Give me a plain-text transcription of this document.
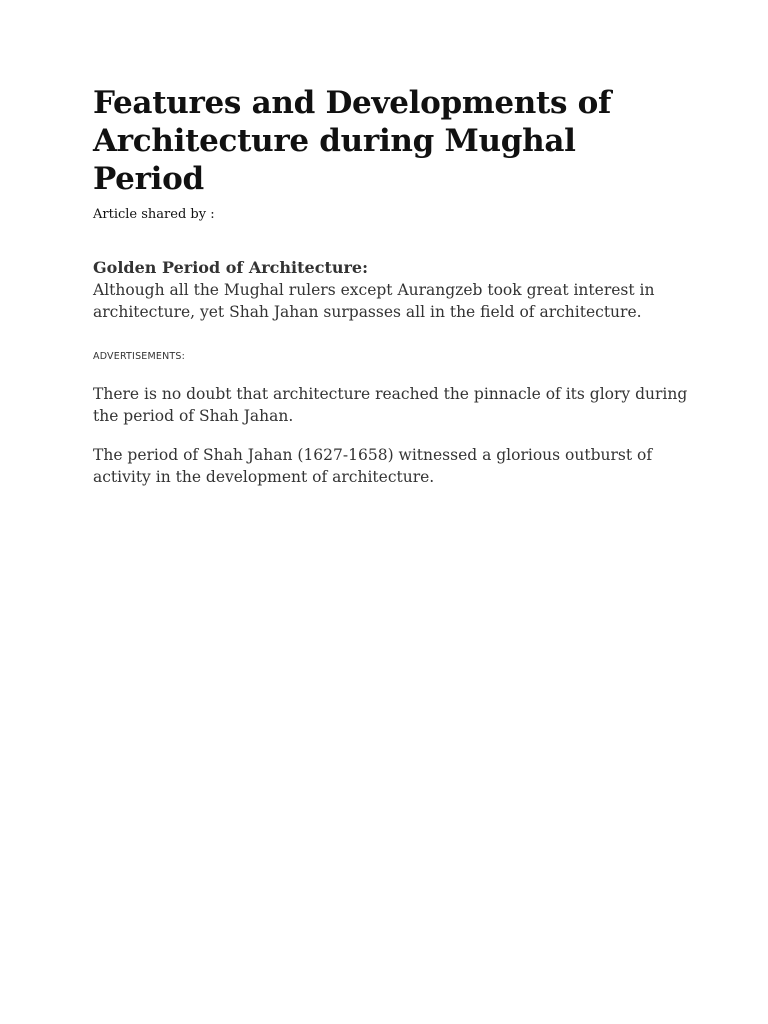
Features and Developments of Architecture during Mughal Period
Article shared by :
Golden Period of Architecture:

Although all the Mughal rulers except Aurangzeb took great interest in architecture, yet Shah Jahan surpasses all in the field of architecture.

ADVERTISEMENTS:

There is no doubt that architecture reached the pinnacle of its glory during the period of Shah Jahan.

The period of Shah Jahan (1627-1658) witnessed a glorious outburst of activity in the development of architecture.
